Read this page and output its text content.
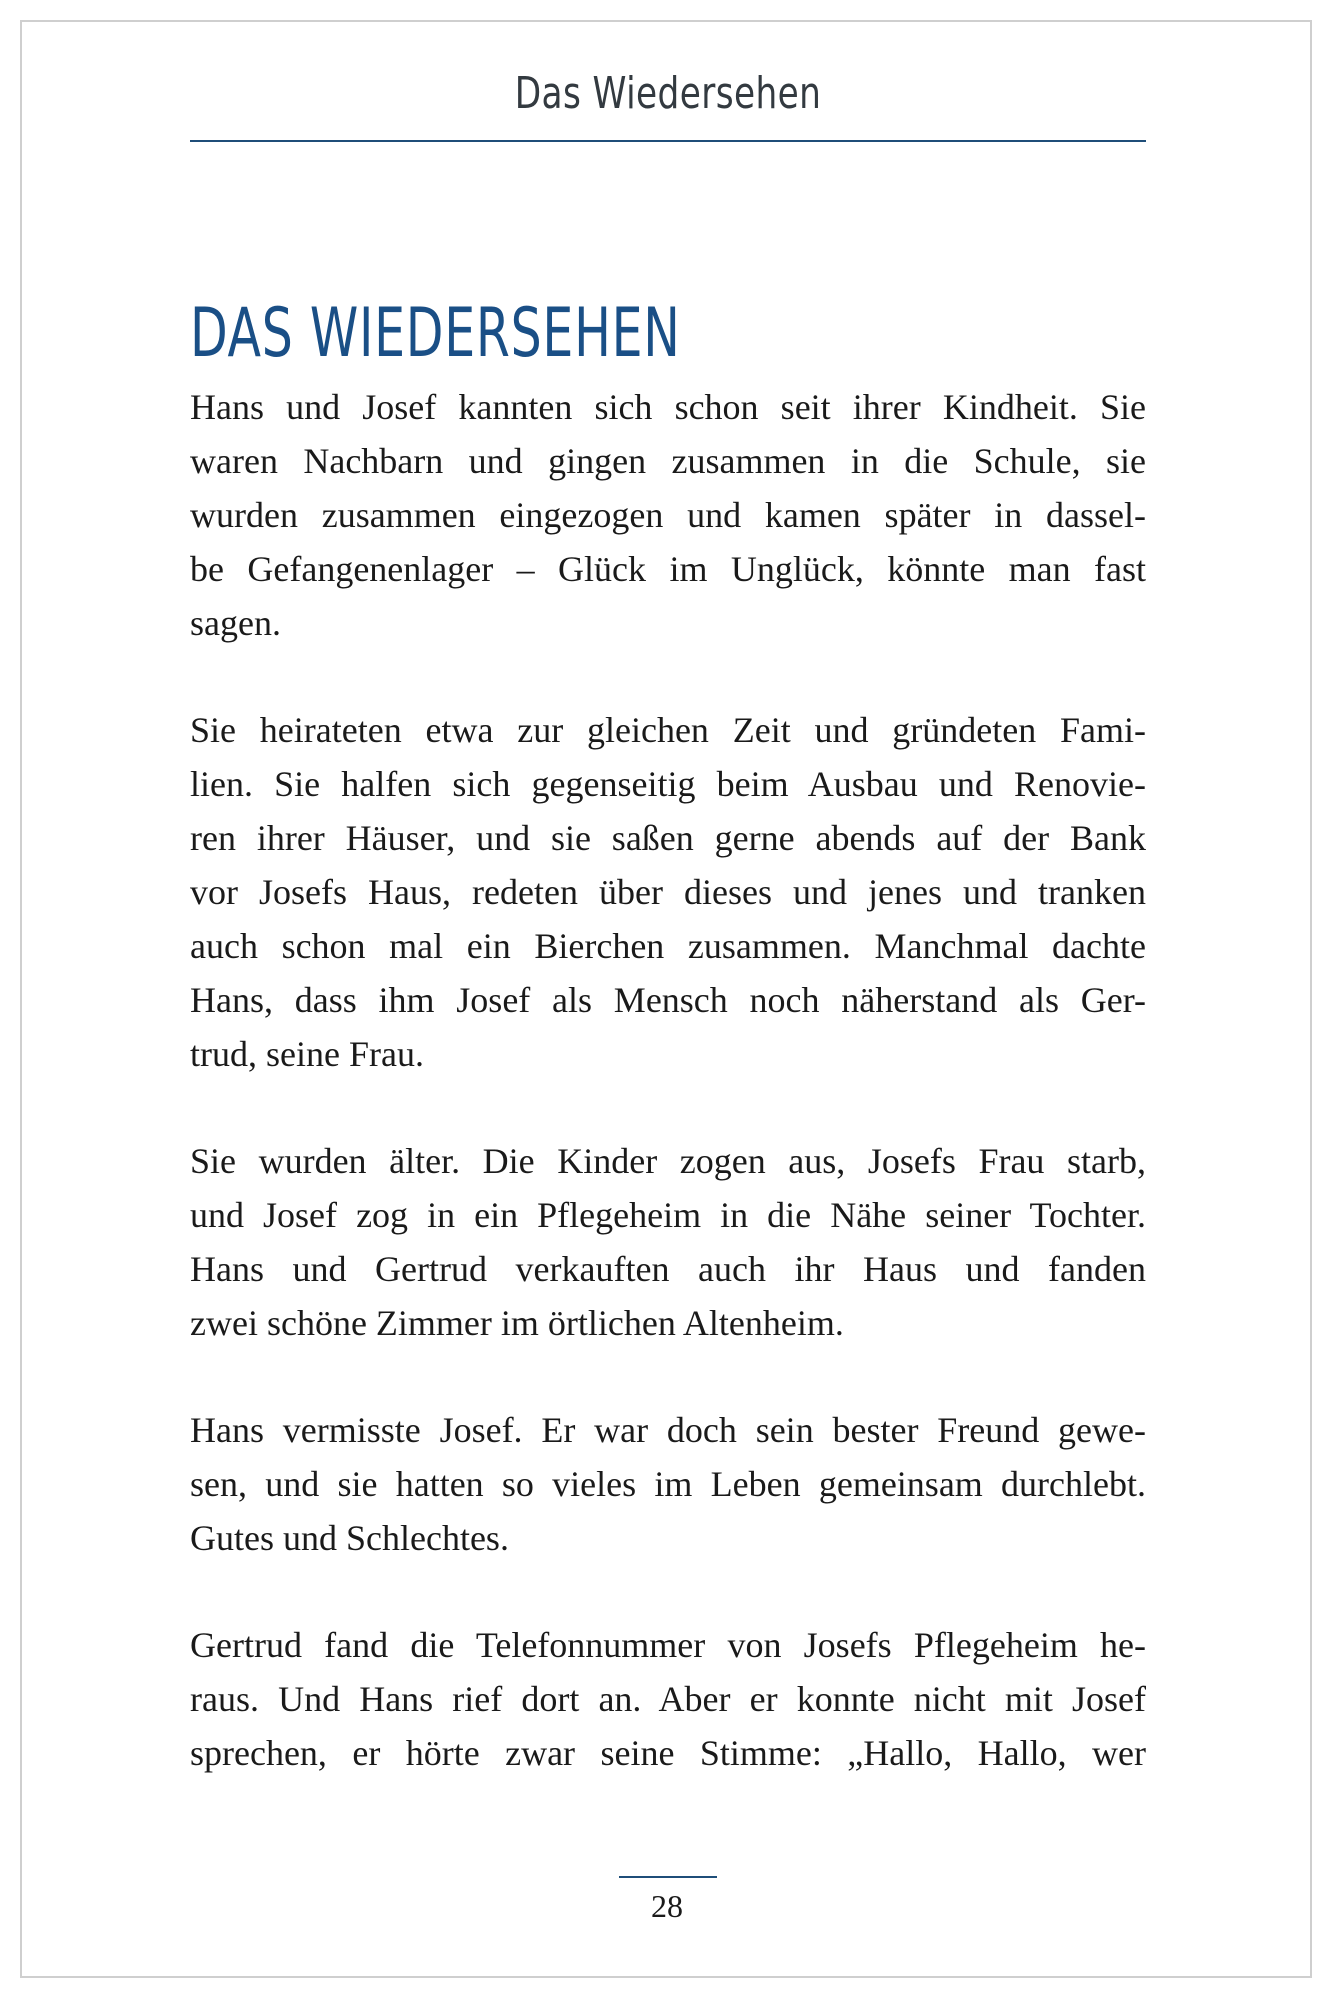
Das Wiedersehen
DAS WIEDERSEHEN
Hans und Josef kannten sich schon seit ihrer Kindheit. Sie
waren Nachbarn und gingen zusammen in die Schule, sie
wurden zusammen eingezogen und kamen später in dassel-
be Gefangenenlager – Glück im Unglück, könnte man fast
sagen.
Sie heirateten etwa zur gleichen Zeit und gründeten Fami-
lien. Sie halfen sich gegenseitig beim Ausbau und Renovie-
ren ihrer Häuser, und sie saßen gerne abends auf der Bank
vor Josefs Haus, redeten über dieses und jenes und tranken
auch schon mal ein Bierchen zusammen. Manchmal dachte
Hans, dass ihm Josef als Mensch noch näherstand als Ger-
trud, seine Frau.
Sie wurden älter. Die Kinder zogen aus, Josefs Frau starb,
und Josef zog in ein Pflegeheim in die Nähe seiner Tochter.
Hans und Gertrud verkauften auch ihr Haus und fanden
zwei schöne Zimmer im örtlichen Altenheim.
Hans vermisste Josef. Er war doch sein bester Freund gewe-
sen, und sie hatten so vieles im Leben gemeinsam durchlebt.
Gutes und Schlechtes.
Gertrud fand die Telefonnummer von Josefs Pflegeheim he-
raus. Und Hans rief dort an. Aber er konnte nicht mit Josef
sprechen, er hörte zwar seine Stimme: „Hallo, Hallo, wer
28
